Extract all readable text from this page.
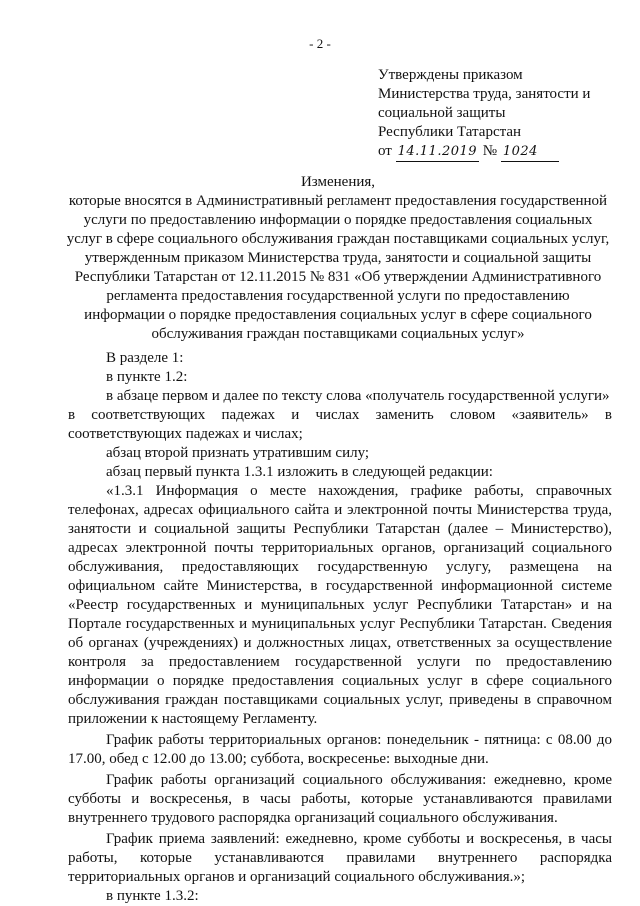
- 2 -
Утверждены приказом
Министерства труда, занятости и
социальной защиты
Республики Татарстан
от 14.11.2019 № 1024
Изменения,
которые вносятся в Административный регламент предоставления государственной
услуги по предоставлению информации о порядке предоставления социальных
услуг в сфере социального обслуживания граждан поставщиками социальных услуг,
утвержденным приказом Министерства труда, занятости и социальной защиты
Республики Татарстан от 12.11.2015 № 831 «Об утверждении Административного
регламента предоставления государственной услуги по предоставлению
информации о порядке предоставления социальных услуг в сфере социального
обслуживания граждан поставщиками социальных услуг»
В разделе 1:
в пункте 1.2:
в абзаце первом и далее по тексту слова «получатель государственной услуги»
в соответствующих падежах и числах заменить словом «заявитель» в
соответствующих падежах и числах;
абзац второй признать утратившим силу;
абзац первый пункта 1.3.1 изложить в следующей редакции:
«1.3.1 Информация о месте нахождения, графике работы, справочных
телефонах, адресах официального сайта и электронной почты Министерства труда,
занятости и социальной защиты Республики Татарстан (далее – Министерство),
адресах электронной почты территориальных органов, организаций социального
обслуживания, предоставляющих государственную услугу, размещена на
официальном сайте Министерства, в государственной информационной системе
«Реестр государственных и муниципальных услуг Республики Татарстан» и на
Портале государственных и муниципальных услуг Республики Татарстан. Сведения
об органах (учреждениях) и должностных лицах, ответственных за осуществление
контроля за предоставлением государственной услуги по предоставлению
информации о порядке предоставления социальных услуг в сфере социального
обслуживания граждан поставщиками социальных услуг, приведены в справочном
приложении к настоящему Регламенту.
График работы территориальных органов: понедельник - пятница: с 08.00 до
17.00, обед с 12.00 до 13.00; суббота, воскресенье: выходные дни.
График работы организаций социального обслуживания: ежедневно, кроме
субботы и воскресенья, в часы работы, которые устанавливаются правилами
внутреннего трудового распорядка организаций социального обслуживания.
График приема заявлений: ежедневно, кроме субботы и воскресенья, в часы
работы, которые устанавливаются правилами внутреннего распорядка
территориальных органов и организаций социального обслуживания.»;
в пункте 1.3.2:
